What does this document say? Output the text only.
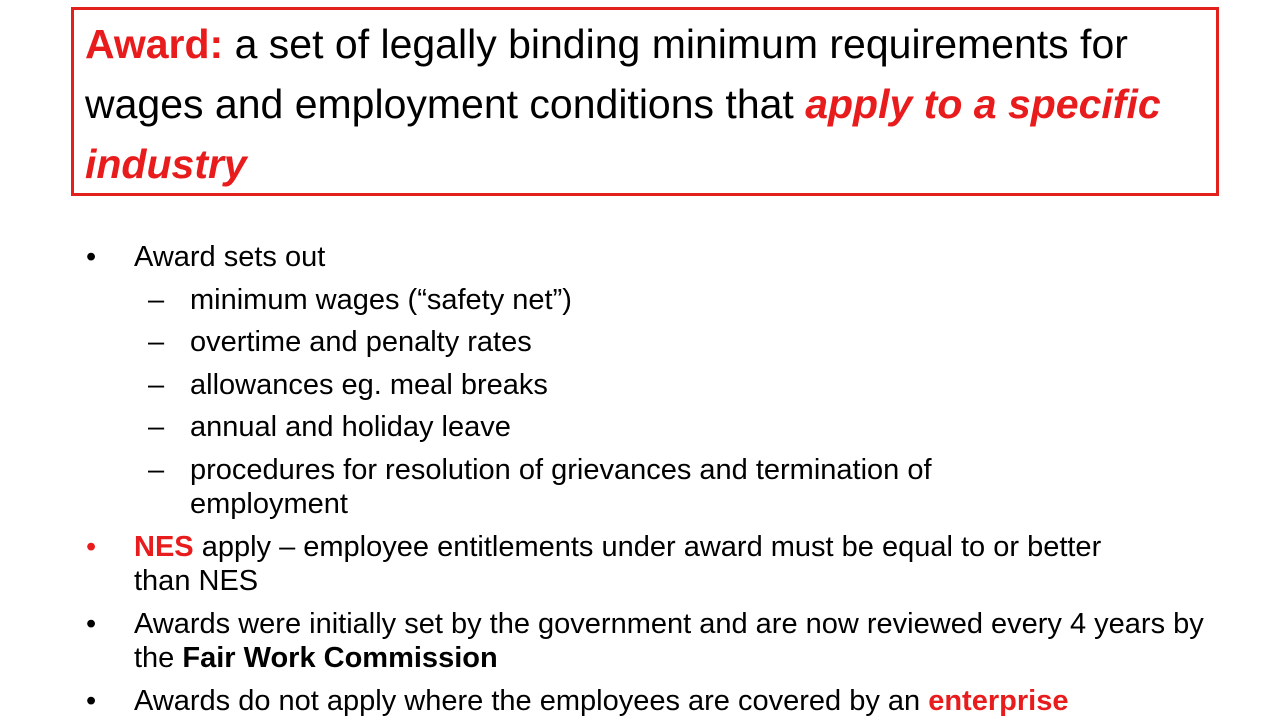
Award: a set of legally binding minimum requirements for wages and employment conditions that apply to a specific industry

• Award sets out
– minimum wages (“safety net”)
– overtime and penalty rates
– allowances eg. meal breaks
– annual and holiday leave
– procedures for resolution of grievances and termination of employment
• NES apply – employee entitlements under award must be equal to or better than NES
• Awards were initially set by the government and are now reviewed every 4 years by the Fair Work Commission
• Awards do not apply where the employees are covered by an enterprise
